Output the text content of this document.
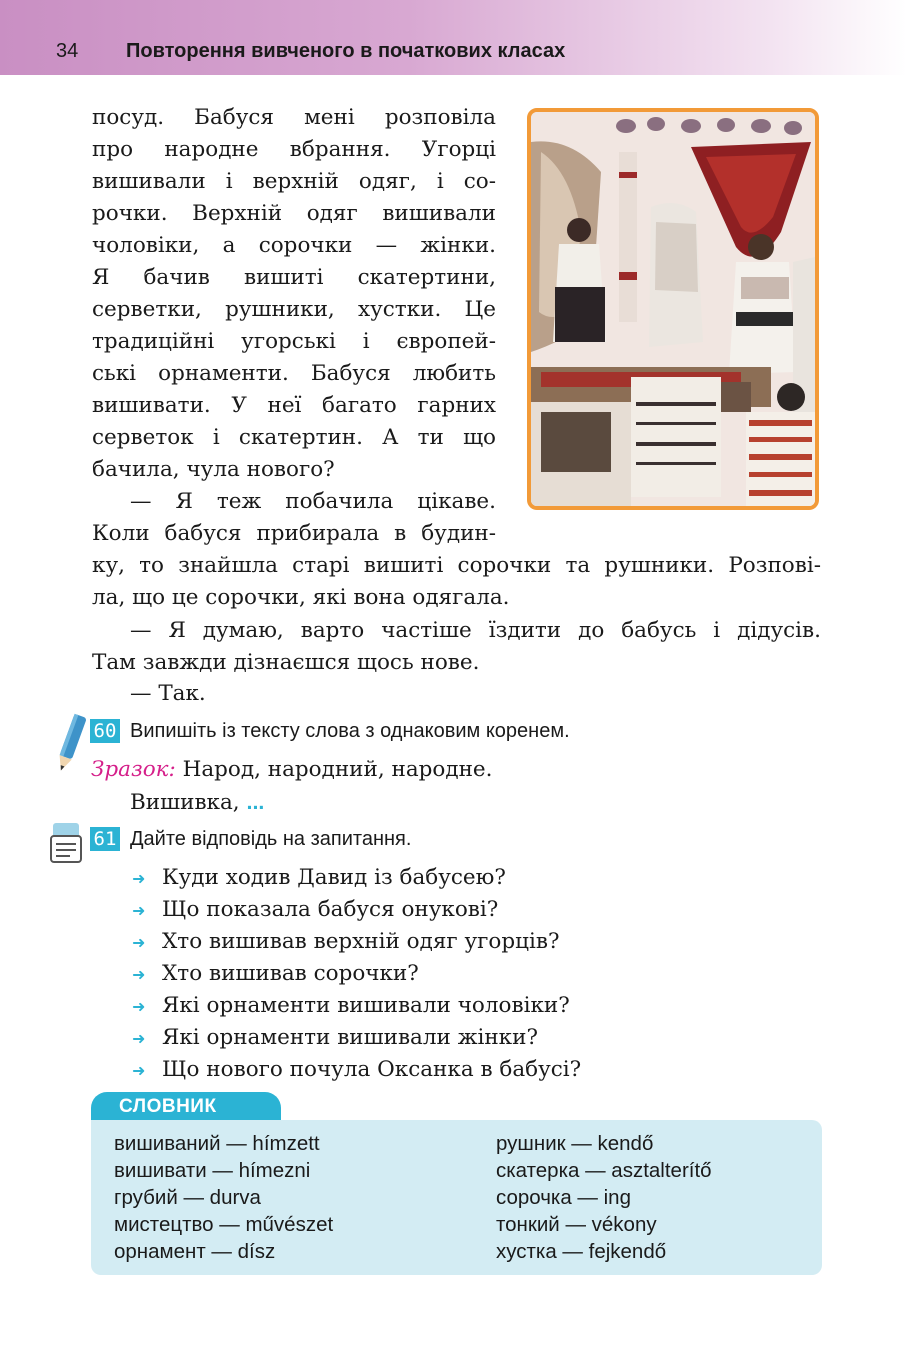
34 Повторення вивченого в початкових класах
посуд. Бабуся мені розповіла
про народне вбрання. Угорці
вишивали і верхній одяг, і со-
рочки. Верхній одяг вишивали
чоловіки, а сорочки — жінки.
Я бачив вишиті скатертини,
серветки, рушники, хустки. Це
традиційні угорські і європей-
ські орнаменти. Бабуся любить
вишивати. У неї багато гарних
серветок і скатертин. А ти що
бачила, чула нового?
— Я теж побачила цікаве.
Коли бабуся прибирала в будин-
ку, то знайшла старі вишиті сорочки та рушники. Розпові-
ла, що це сорочки, які вона одягала.
— Я думаю, варто частіше їздити до бабусь і дідусів.
Там завжди дізнаєшся щось нове.
— Так.
60 Випишіть із тексту слова з однаковим коренем.
Зразок: Народ, народний, народне.
Вишивка, ...
61 Дайте відповідь на запитання.
➜ Куди ходив Давид із бабусею?
➜ Що показала бабуся онукові?
➜ Хто вишивав верхній одяг угорців?
➜ Хто вишивав сорочки?
➜ Які орнаменти вишивали чоловіки?
➜ Які орнаменти вишивали жінки?
➜ Що нового почула Оксанка в бабусі?
СЛОВНИК
вишиваний — hímzett
вишивати — hímezni
грубий — durva
мистецтво — művészet
орнамент — dísz
рушник — kendő
скатерка — asztalterítő
сорочка — ing
тонкий — vékony
хустка — fejkendő
